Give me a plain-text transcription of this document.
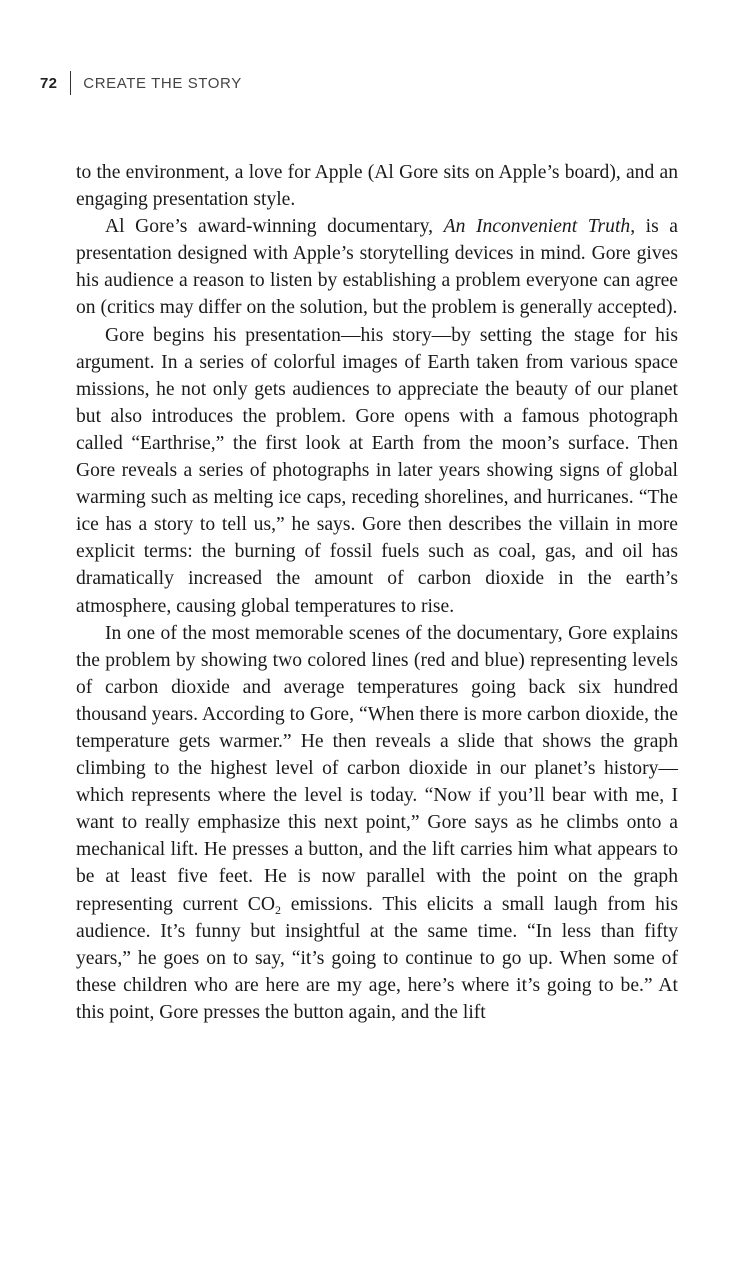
72 CREATE THE STORY

to the environment, a love for Apple (Al Gore sits on Apple’s board), and an engaging presentation style.

Al Gore’s award-winning documentary, An Inconvenient Truth, is a presentation designed with Apple’s storytelling devices in mind. Gore gives his audience a reason to listen by establishing a problem everyone can agree on (critics may differ on the solution, but the problem is generally accepted).

Gore begins his presentation—his story—by setting the stage for his argument. In a series of colorful images of Earth taken from various space missions, he not only gets audiences to appreciate the beauty of our planet but also introduces the problem. Gore opens with a famous photograph called “Earthrise,” the first look at Earth from the moon’s surface. Then Gore reveals a series of photographs in later years showing signs of global warming such as melting ice caps, receding shorelines, and hurricanes. “The ice has a story to tell us,” he says. Gore then describes the villain in more explicit terms: the burning of fossil fuels such as coal, gas, and oil has dramatically increased the amount of carbon dioxide in the earth’s atmosphere, causing global temperatures to rise.

In one of the most memorable scenes of the documentary, Gore explains the problem by showing two colored lines (red and blue) representing levels of carbon dioxide and average temperatures going back six hundred thousand years. According to Gore, “When there is more carbon dioxide, the temperature gets warmer.” He then reveals a slide that shows the graph climbing to the highest level of carbon dioxide in our planet’s history—which represents where the level is today. “Now if you’ll bear with me, I want to really emphasize this next point,” Gore says as he climbs onto a mechanical lift. He presses a button, and the lift carries him what appears to be at least five feet. He is now parallel with the point on the graph representing current $CO_2$ emissions. This elicits a small laugh from his audience. It’s funny but insightful at the same time. “In less than fifty years,” he goes on to say, “it’s going to continue to go up. When some of these children who are here are my age, here’s where it’s going to be.” At this point, Gore presses the button again, and the lift
